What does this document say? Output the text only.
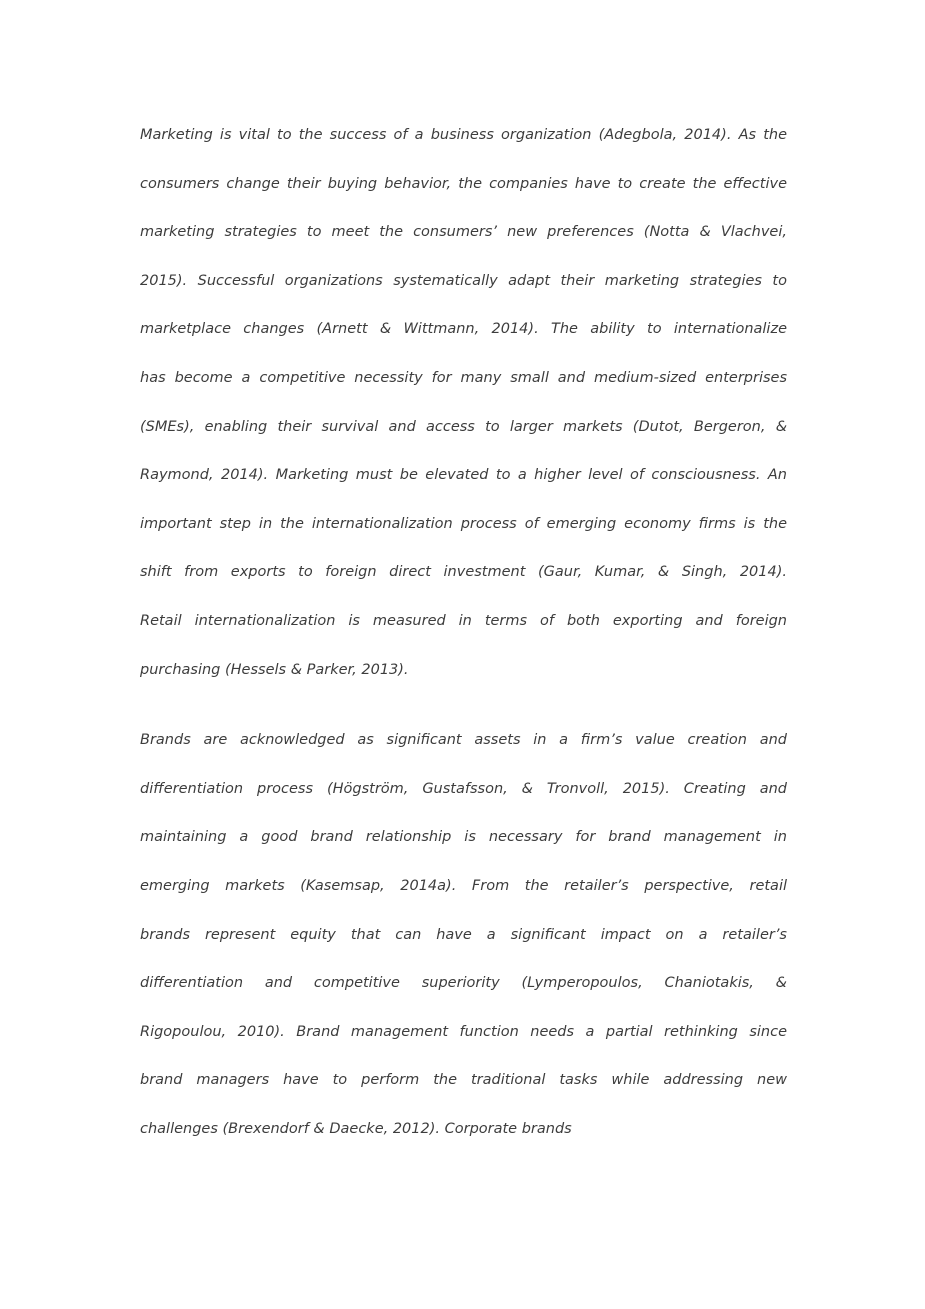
Marketing is vital to the success of a business organization (Adegbola, 2014). As the
consumers change their buying behavior, the companies have to create the effective
marketing strategies to meet the consumers’ new preferences (Notta & Vlachvei,
2015). Successful organizations systematically adapt their marketing strategies to
marketplace changes (Arnett & Wittmann, 2014). The ability to internationalize
has become a competitive necessity for many small and medium-sized enterprises
(SMEs), enabling their survival and access to larger markets (Dutot, Bergeron, &
Raymond, 2014). Marketing must be elevated to a higher level of consciousness. An
important step in the internationalization process of emerging economy firms is the
shift from exports to foreign direct investment (Gaur, Kumar, & Singh, 2014).
Retail internationalization is measured in terms of both exporting and foreign
purchasing (Hessels & Parker, 2013).
Brands are acknowledged as significant assets in a firm’s value creation and
differentiation process (Högström, Gustafsson, & Tronvoll, 2015). Creating and
maintaining a good brand relationship is necessary for brand management in
emerging markets (Kasemsap, 2014a). From the retailer’s perspective, retail
brands represent equity that can have a significant impact on a retailer’s
differentiation and competitive superiority (Lymperopoulos, Chaniotakis, &
Rigopoulou, 2010). Brand management function needs a partial rethinking since
brand managers have to perform the traditional tasks while addressing new
challenges (Brexendorf & Daecke, 2012). Corporate brands
